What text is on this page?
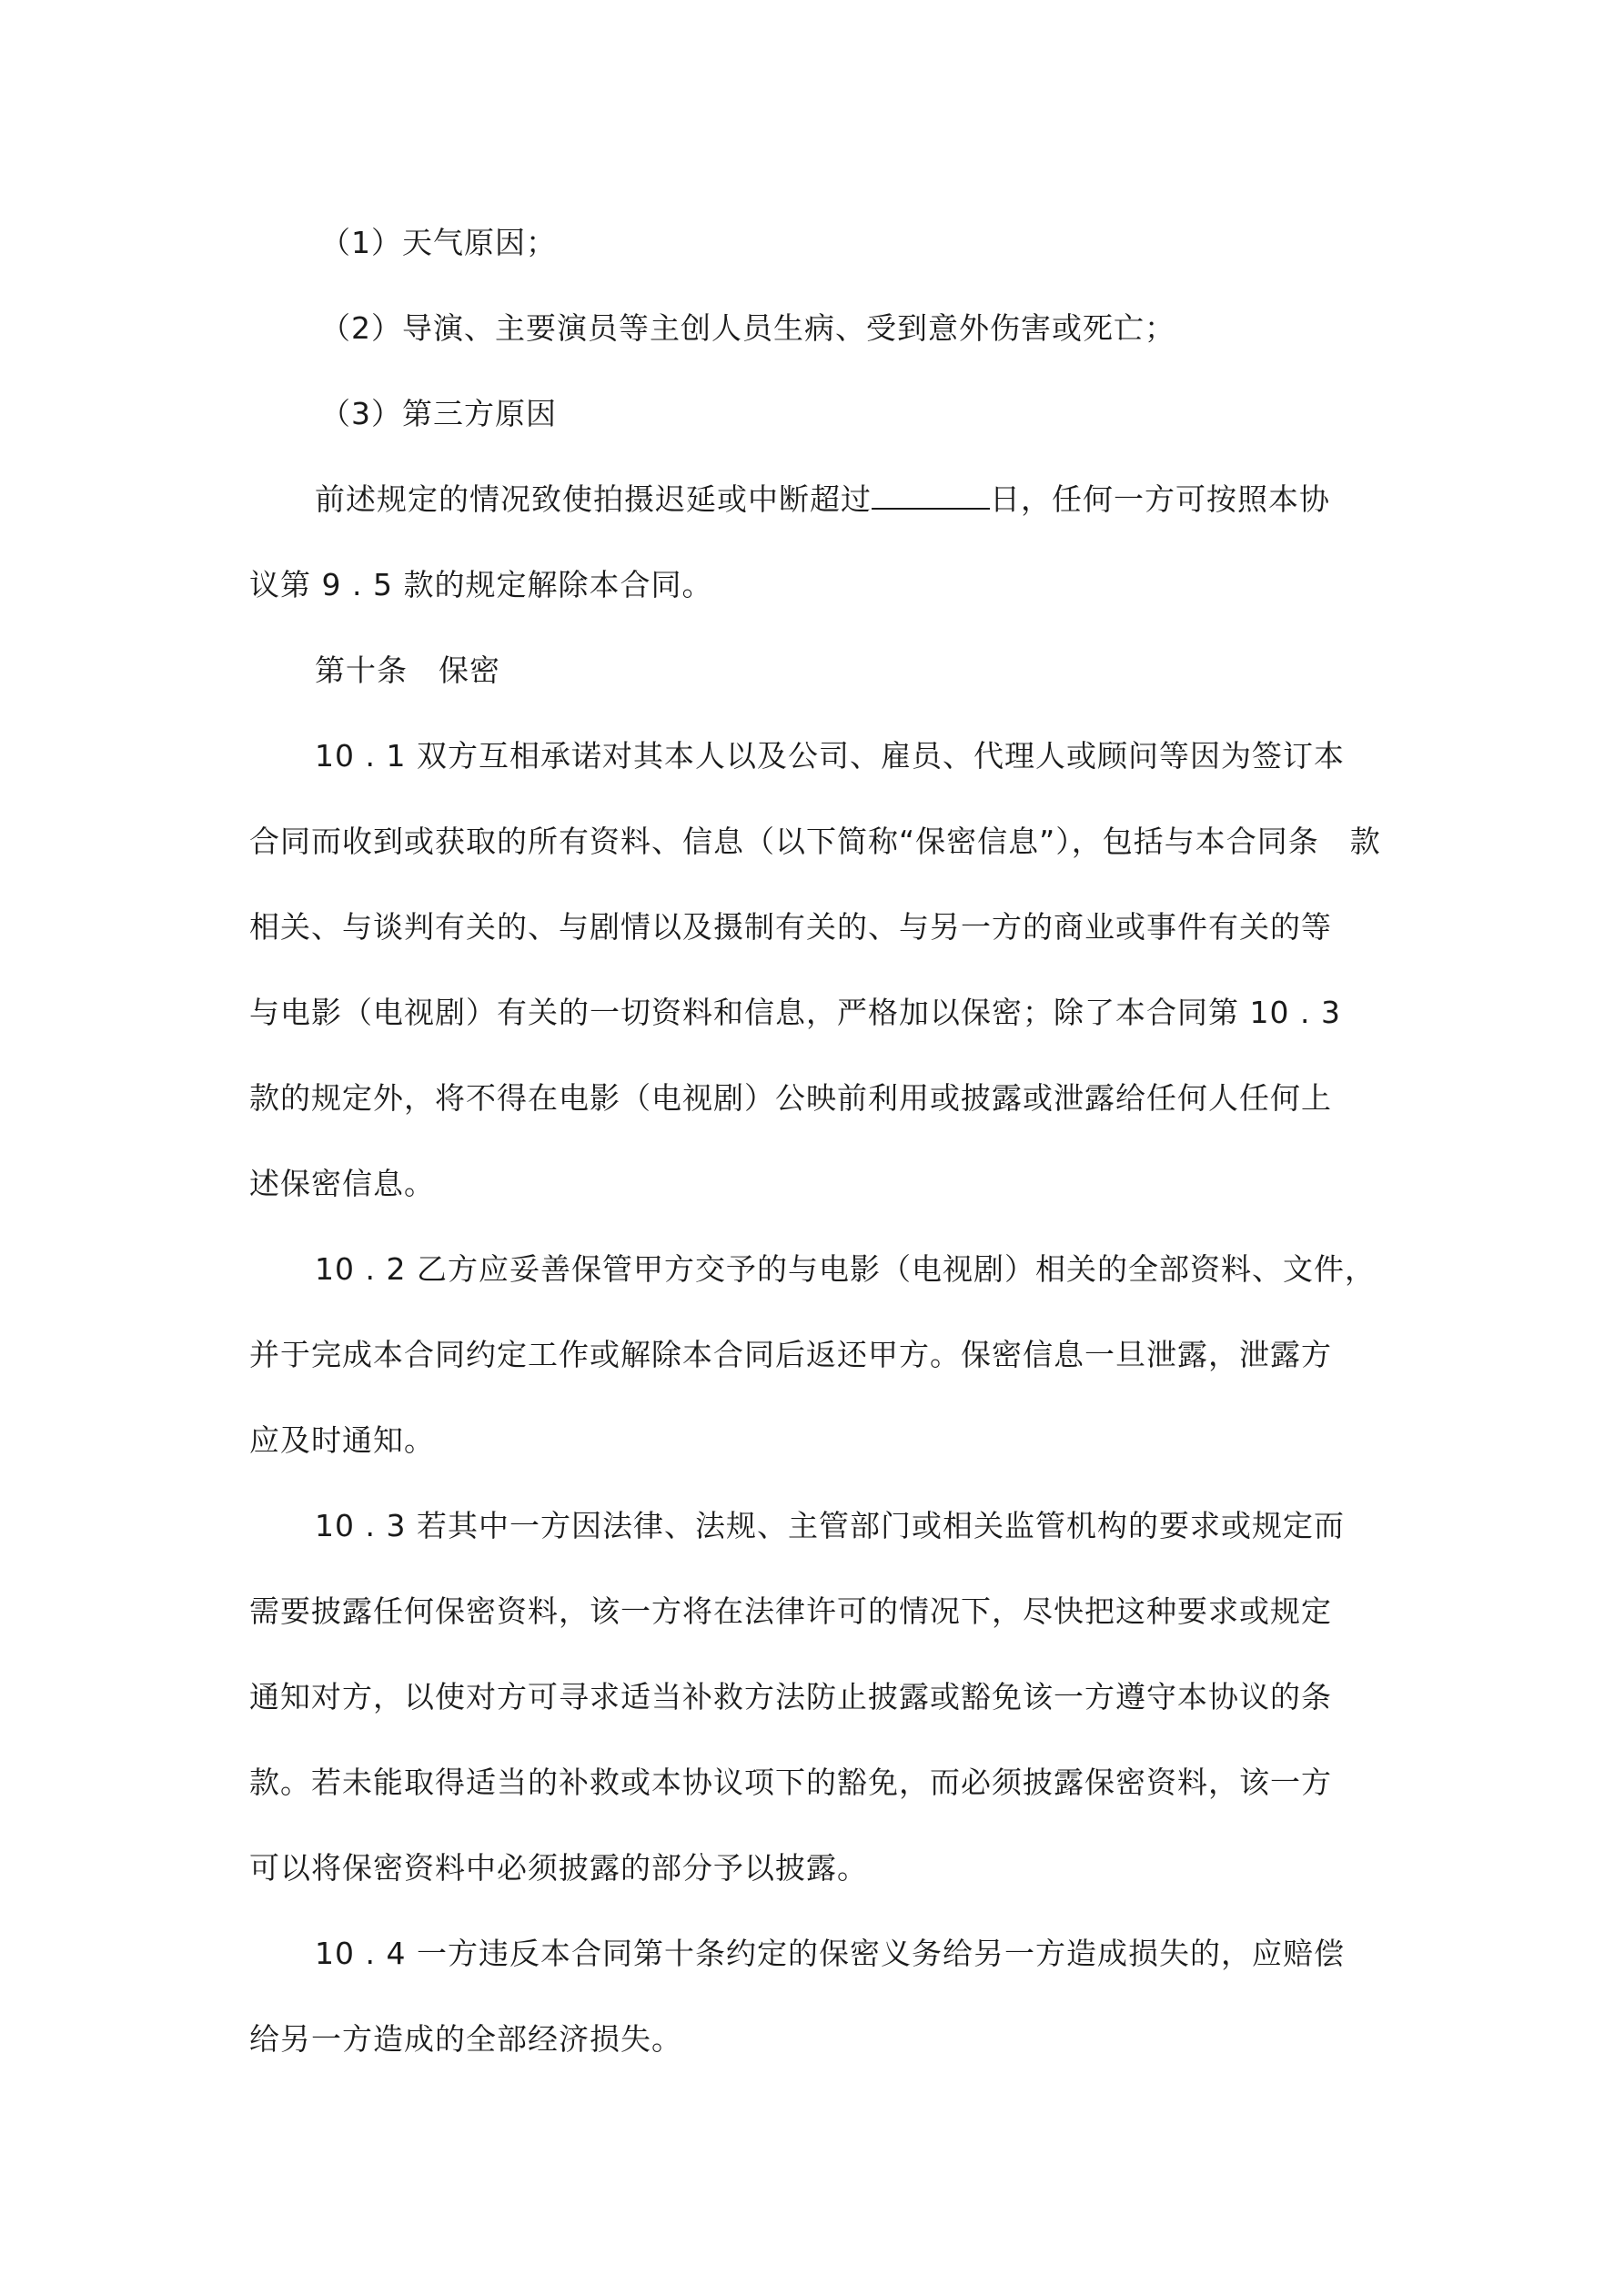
（1）天气原因；
（2）导演、主要演员等主创人员生病、受到意外伤害或死亡；
（3）第三方原因
前述规定的情况致使拍摄迟延或中断超过	日，任何一方可按照本协
议第 9 . 5 款的规定解除本合同。
第十条　保密
10 . 1 双方互相承诺对其本人以及公司、雇员、代理人或顾问等因为签订本
合同而收到或获取的所有资料、信息（以下简称“保密信息”），包括与本合同条　款
相关、与谈判有关的、与剧情以及摄制有关的、与另一方的商业或事件有关的等
与电影（电视剧）有关的一切资料和信息，严格加以保密；除了本合同第 10 . 3
款的规定外，将不得在电影（电视剧）公映前利用或披露或泄露给任何人任何上
述保密信息。
10 . 2 乙方应妥善保管甲方交予的与电影（电视剧）相关的全部资料、文件，
并于完成本合同约定工作或解除本合同后返还甲方。保密信息一旦泄露，泄露方
应及时通知。
10 . 3 若其中一方因法律、法规、主管部门或相关监管机构的要求或规定而
需要披露任何保密资料，该一方将在法律许可的情况下，尽快把这种要求或规定
通知对方，以使对方可寻求适当补救方法防止披露或豁免该一方遵守本协议的条
款。若未能取得适当的补救或本协议项下的豁免，而必须披露保密资料，该一方
可以将保密资料中必须披露的部分予以披露。
10 . 4 一方违反本合同第十条约定的保密义务给另一方造成损失的，应赔偿
给另一方造成的全部经济损失。
